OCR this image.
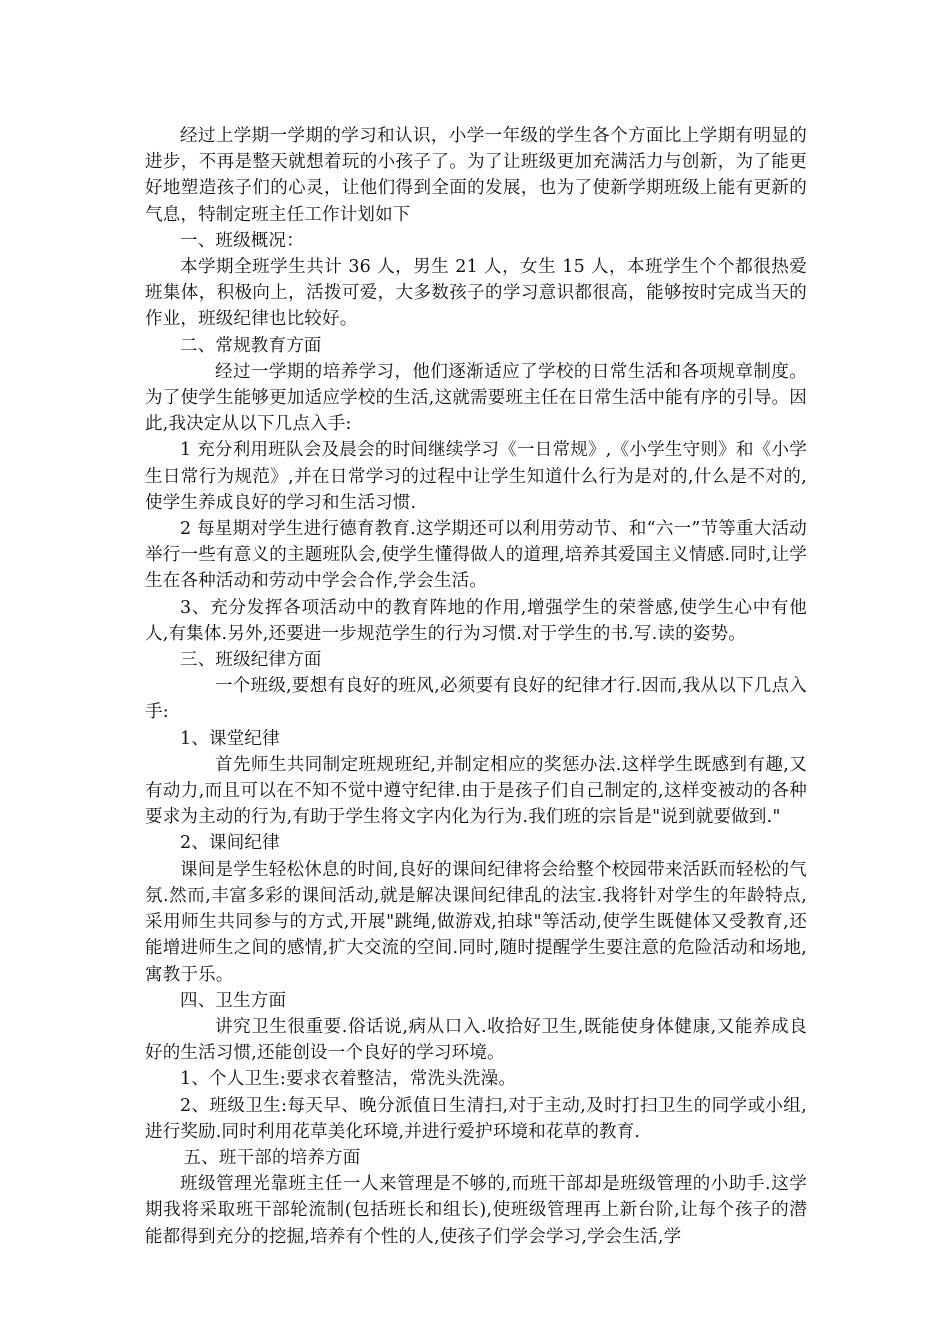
经过上学期一学期的学习和认识，小学一年级的学生各个方面比上学期有明显的进步，不再是整天就想着玩的小孩子了。为了让班级更加充满活力与创新，为了能更好地塑造孩子们的心灵，让他们得到全面的发展，也为了使新学期班级上能有更新的气息，特制定班主任工作计划如下

一、班级概况：

本学期全班学生共计 36 人，男生 21 人，女生 15 人，本班学生个个都很热爱班集体，积极向上，活拨可爱，大多数孩子的学习意识都很高，能够按时完成当天的作业，班级纪律也比较好。

二、常规教育方面

经过一学期的培养学习，他们逐渐适应了学校的日常生活和各项规章制度。为了使学生能够更加适应学校的生活,这就需要班主任在日常生活中能有序的引导。因此,我决定从以下几点入手:

1 充分利用班队会及晨会的时间继续学习《一日常规》,《小学生守则》和《小学生日常行为规范》,并在日常学习的过程中让学生知道什么行为是对的,什么是不对的,使学生养成良好的学习和生活习惯.

2 每星期对学生进行德育教育.这学期还可以利用劳动节、和“六一”节等重大活动举行一些有意义的主题班队会,使学生懂得做人的道理,培养其爱国主义情感.同时,让学生在各种活动和劳动中学会合作,学会生活。

3、充分发挥各项活动中的教育阵地的作用,增强学生的荣誉感,使学生心中有他人,有集体.另外,还要进一步规范学生的行为习惯.对于学生的书.写.读的姿势。

三、班级纪律方面

一个班级,要想有良好的班风,必须要有良好的纪律才行.因而,我从以下几点入手:

1、课堂纪律

首先师生共同制定班规班纪,并制定相应的奖惩办法.这样学生既感到有趣,又有动力,而且可以在不知不觉中遵守纪律.由于是孩子们自己制定的,这样变被动的各种要求为主动的行为,有助于学生将文字内化为行为.我们班的宗旨是"说到就要做到."

2、课间纪律

课间是学生轻松休息的时间,良好的课间纪律将会给整个校园带来活跃而轻松的气氛.然而,丰富多彩的课间活动,就是解决课间纪律乱的法宝.我将针对学生的年龄特点,采用师生共同参与的方式,开展"跳绳,做游戏,拍球"等活动,使学生既健体又受教育,还能增进师生之间的感情,扩大交流的空间.同时,随时提醒学生要注意的危险活动和场地,寓教于乐。

四、卫生方面

讲究卫生很重要.俗话说,病从口入.收拾好卫生,既能使身体健康,又能养成良好的生活习惯,还能创设一个良好的学习环境。

1、个人卫生:要求衣着整洁，常洗头洗澡。

2、班级卫生:每天早、晚分派值日生清扫,对于主动,及时打扫卫生的同学或小组,进行奖励.同时利用花草美化环境,并进行爱护环境和花草的教育.

五、班干部的培养方面

班级管理光靠班主任一人来管理是不够的,而班干部却是班级管理的小助手.这学期我将采取班干部轮流制(包括班长和组长),使班级管理再上新台阶,让每个孩子的潜能都得到充分的挖掘,培养有个性的人,使孩子们学会学习,学会生活,学
